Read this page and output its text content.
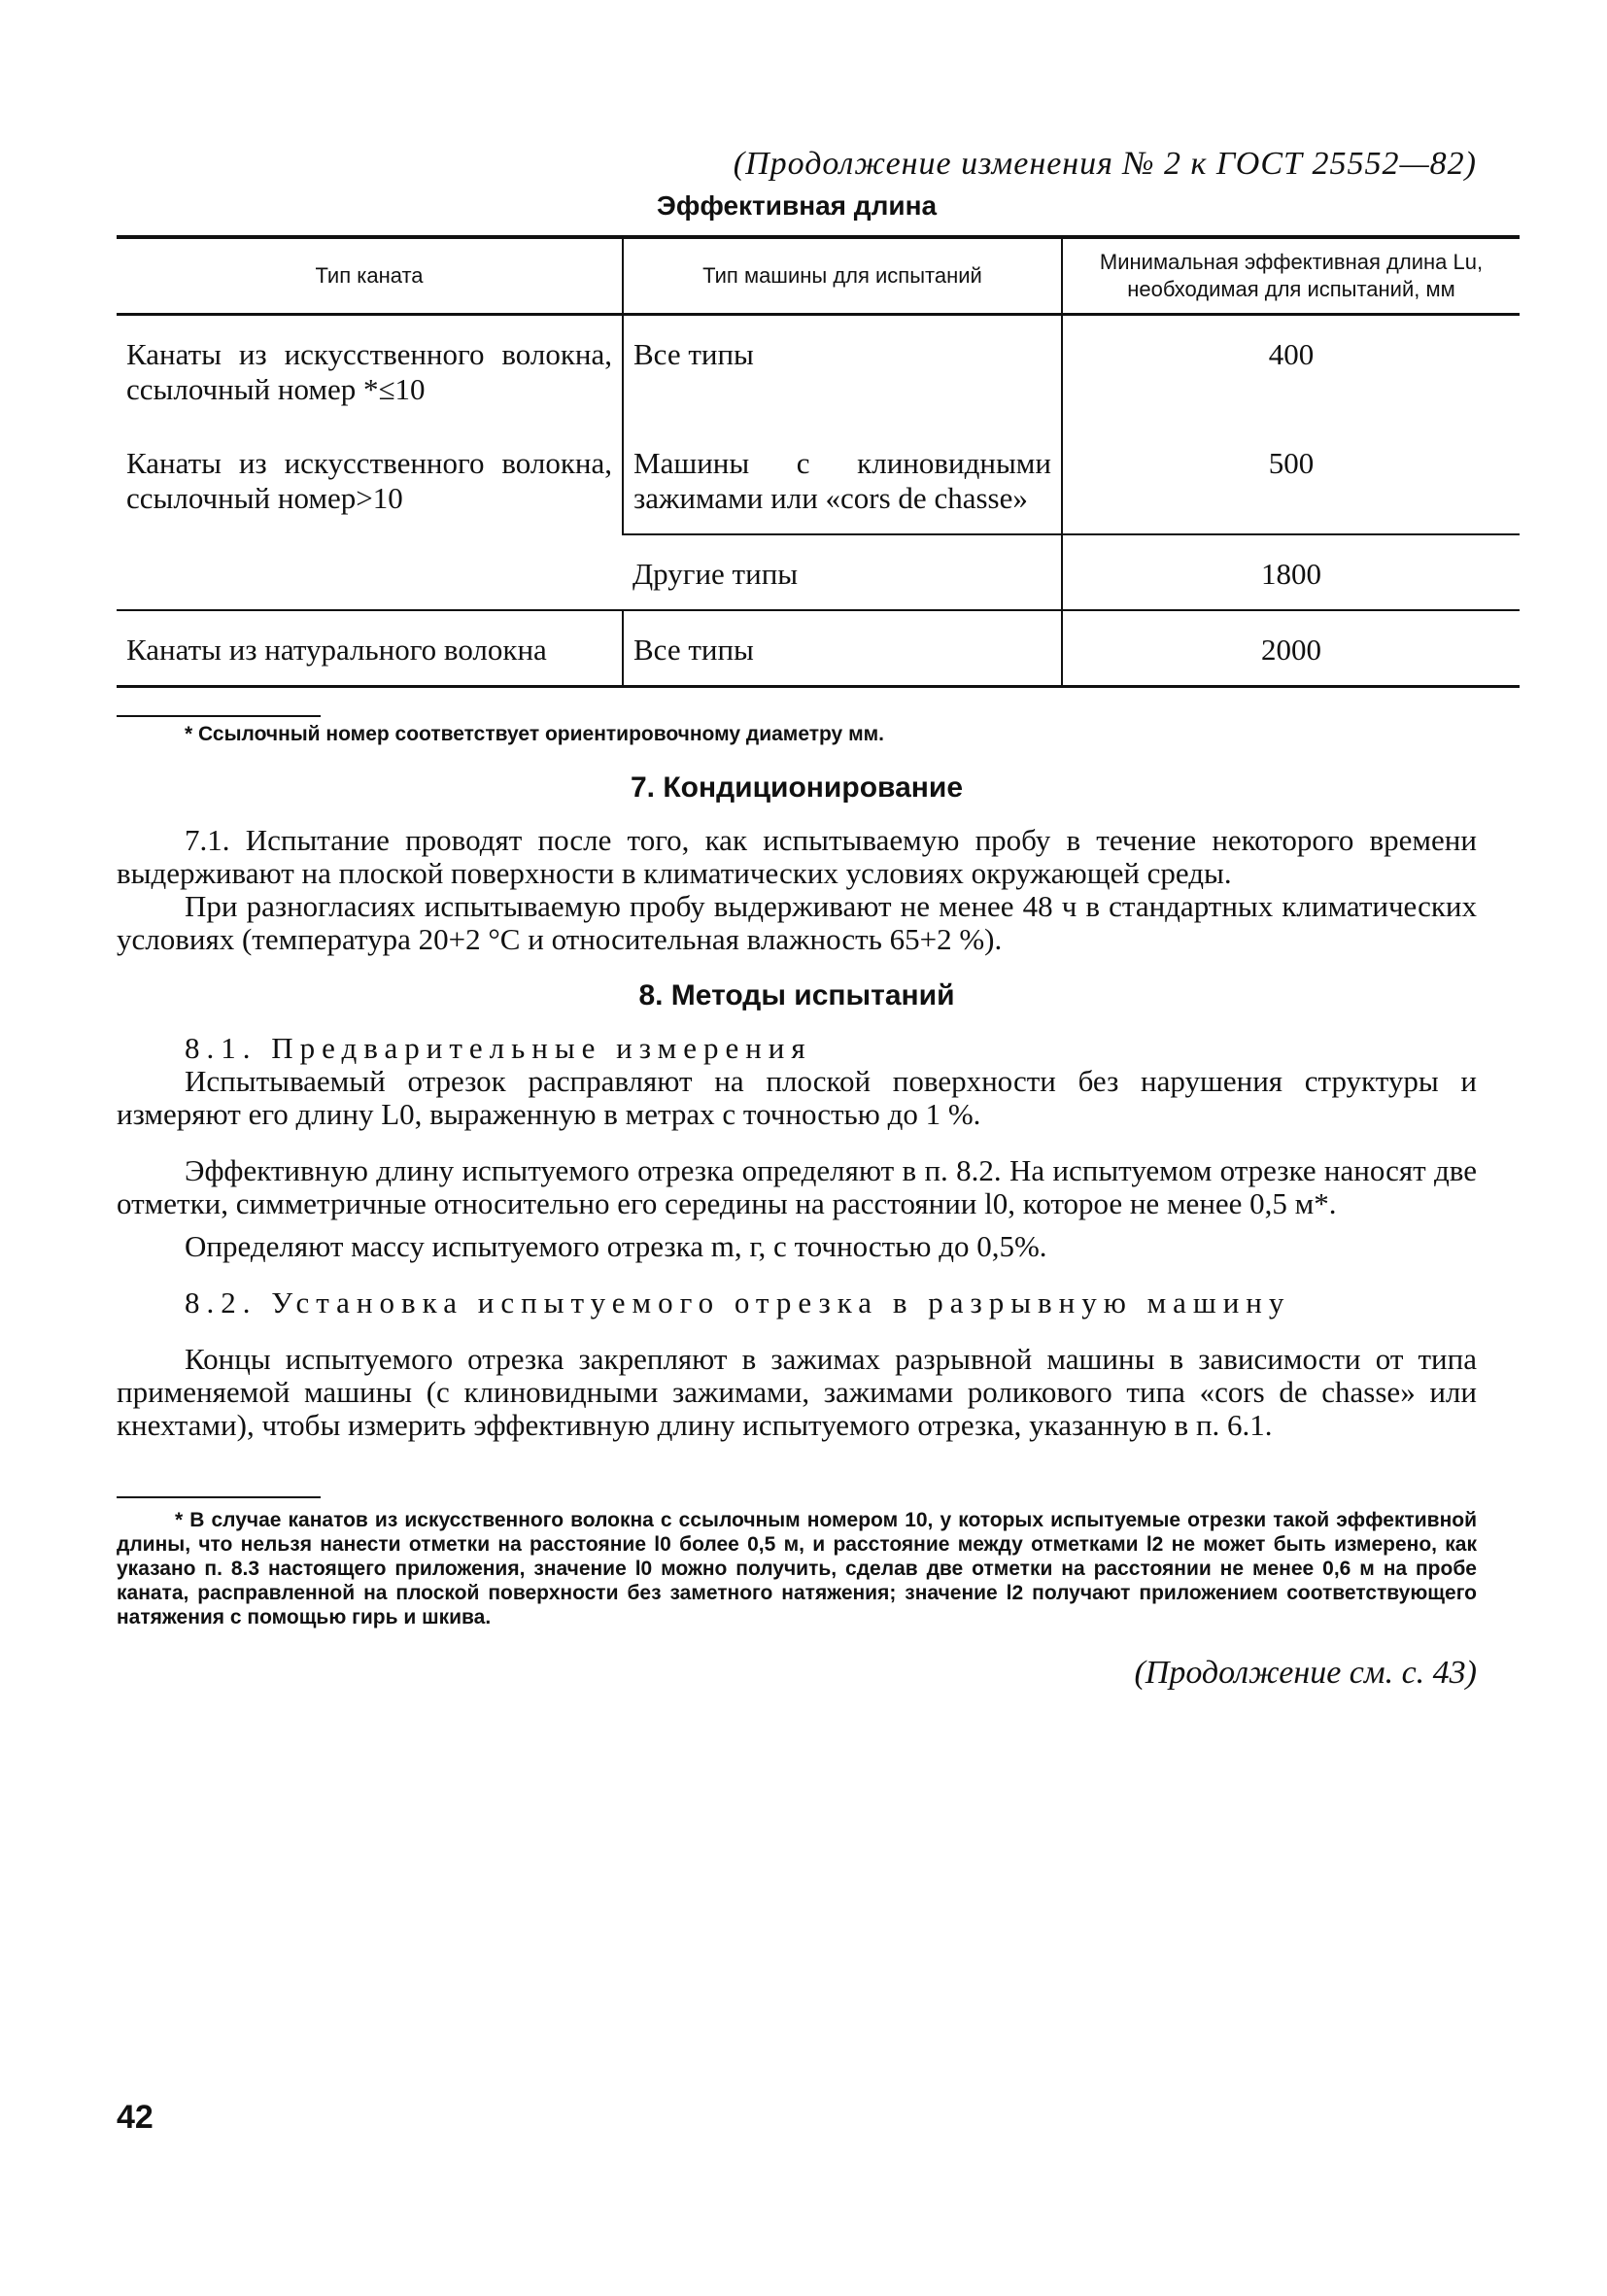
(Продолжение изменения № 2 к ГОСТ 25552—82)
Эффективная длина
Тип каната	Тип машины для испытаний	Минимальная эффективная длина Lu, необходимая для испытаний, мм
Канаты из искусственного волокна, ссылочный номер *≤10	Все типы	400
Канаты из искусственного волокна, ссылочный номер>10	Машины с клиновидными зажимами или «cors de chasse»	500
	Другие типы	1800
Канаты из натурального волокна	Все типы	2000
* Ссылочный номер соответствует ориентировочному диаметру мм.
7. Кондиционирование

7.1. Испытание проводят после того, как испытываемую пробу в течение некоторого времени выдерживают на плоской поверхности в климатических условиях окружающей среды.

При разногласиях испытываемую пробу выдерживают не менее 48 ч в стандартных климатических условиях (температура 20+2 °С и относительная влажность 65+2 %).

8. Методы испытаний

8.1. Предварительные измерения

Испытываемый отрезок расправляют на плоской поверхности без нарушения структуры и измеряют его длину L0, выраженную в метрах с точностью до 1 %.

Эффективную длину испытуемого отрезка определяют в п. 8.2. На испытуемом отрезке наносят две отметки, симметричные относительно его середины на расстоянии l0, которое не менее 0,5 м*.

Определяют массу испытуемого отрезка m, г, с точностью до 0,5%.

8.2. Установка испытуемого отрезка в разрывную машину

Концы испытуемого отрезка закрепляют в зажимах разрывной машины в зависимости от типа применяемой машины (с клиновидными зажимами, зажимами роликового типа «cors de chasse» или кнехтами), чтобы измерить эффективную длину испытуемого отрезка, указанную в п. 6.1.

* В случае канатов из искусственного волокна с ссылочным номером 10, у которых испытуемые отрезки такой эффективной длины, что нельзя нанести отметки на расстояние l0 более 0,5 м, и расстояние между отметками l2 не может быть измерено, как указано п. 8.3 настоящего приложения, значение l0 можно получить, сделав две отметки на расстоянии не менее 0,6 м на пробе каната, расправленной на плоской поверхности без заметного натяжения; значение l2 получают приложением соответствующего натяжения с помощью гирь и шкива.

(Продолжение см. с. 43)
42
